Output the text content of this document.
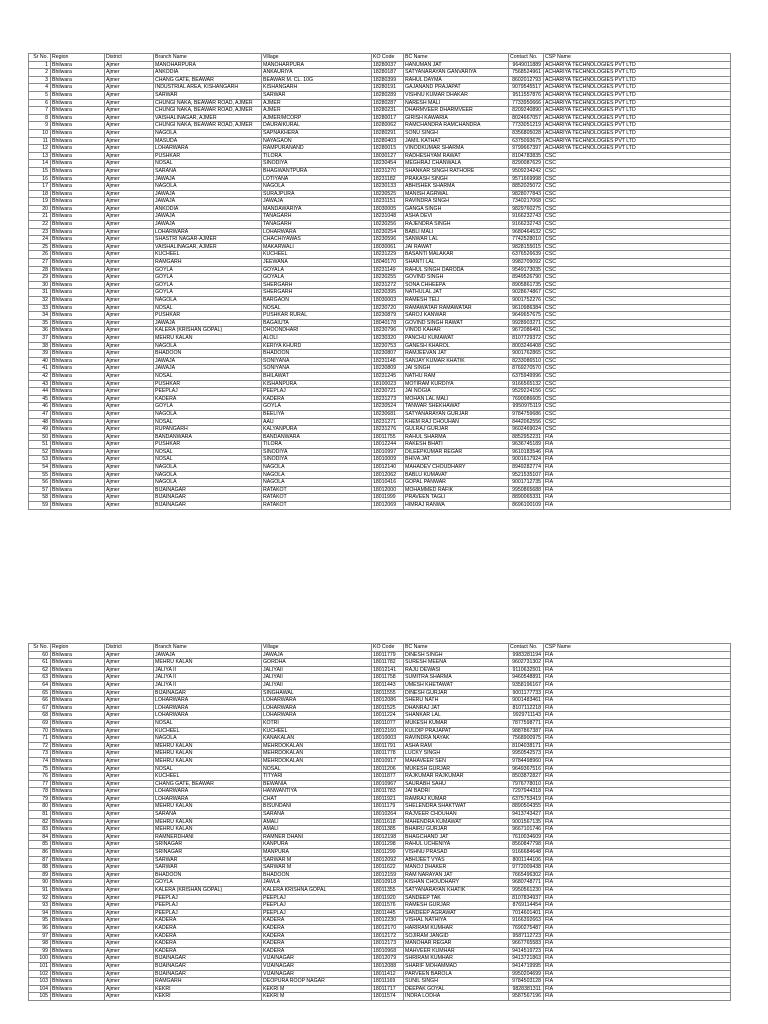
Sr No.	Region	District	Branch Name	Village	KO Code	BC Name	Contact No.	CSP Name
1	Bhilwara	Ajmer	MANOHARPURA	MANOHARPURA	18280037	HANUMAN JAT	9649011889	ACHARIYA TECHNOLOGIES PVT LTD
2	Bhilwara	Ajmer	ANKODIA	ANKAURIYA	18280187	SATYANARAYAN GANVARIYA	7568524961	ACHARIYA TECHNOLOGIES PVT LTD
3	Bhilwara	Ajmer	CHANG GATE, BEAWAR	BEAWAR M. CL. 10G	18280399	RAHUL DAYMA	8602012793	ACHARIYA TECHNOLOGIES PVT LTD
4	Bhilwara	Ajmer	INDUSTRIAL AREA, KISHANGARH	KISHANGARH	18280191	GAJANAND PRAJAPAT	9079545517	ACHARIYA TECHNOLOGIES PVT LTD
5	Bhilwara	Ajmer	SARWAR	SARWAR	18280289	VISHNU KUMAR DHAKAR	9511557876	ACHARIYA TECHNOLOGIES PVT LTD
6	Bhilwara	Ajmer	CHUNGI NAKA, BEAWAR ROAD, AJMER	AJMER	18280287	NARESH MALI	7733950666	ACHARIYA TECHNOLOGIES PVT LTD
7	Bhilwara	Ajmer	CHUNGI NAKA, BEAWAR ROAD, AJMER	AJMER	18280231	DHARMVEER DHARMVEER	8209240890	ACHARIYA TECHNOLOGIES PVT LTD
8	Bhilwara	Ajmer	VAISHALINAGAR, AJMER	AJMER/MCORP	18280017	GIRISH KAWARIA	8024667057	ACHARIYA TECHNOLOGIES PVT LTD
9	Bhilwara	Ajmer	CHUNGI NAKA, BEAWAR ROAD, AJMER	DAURAIKURAL	18280062	RAMCHANDRA RAMCHANDRA	7733051219	ACHARIYA TECHNOLOGIES PVT LTD
10	Bhilwara	Ajmer	NAGOLA	SAPNAKHERA	18280291	SONU SINGH	8356805028	ACHARIYA TECHNOLOGIES PVT LTD
11	Bhilwara	Ajmer	MASUDA	NAYAGAON	18280403	JAMIL KATHAT	6375093675	ACHARIYA TECHNOLOGIES PVT LTD
12	Bhilwara	Ajmer	LOHARWARA	RAMPURANAND	18280015	VINODKUMAR SHARMA	9799667397	ACHARIYA TECHNOLOGIES PVT LTD
13	Bhilwara	Ajmer	PUSHKAR	TILORA	18030127	RADHESHYAM RAWAT	8104783835	CSC
14	Bhilwara	Ajmer	NOSAL	SINODIYA	18230454	MEGHRAJ CHANWALA	8290087629	CSC
15	Bhilwara	Ajmer	SARANA	BHAGWANTPURA	18231270	SHANKAR SINGH RATHORE	9509234242	CSC
16	Bhilwara	Ajmer	JAWAJA	LOTIYANA	18231182	PRAKASH SINGH	9571669998	CSC
17	Bhilwara	Ajmer	NAGOLA	NAGOLA	18230133	ABHISHEK SHARMA	8852025072	CSC
18	Bhilwara	Ajmer	JAWAJA	SURAJPURA	18230525	MANISH AGRWAL	9828077843	CSC
19	Bhilwara	Ajmer	JAWAJA	JAWAJA	18231151	RAVINDRA SINGH	7340217068	CSC
20	Bhilwara	Ajmer	ANKODIA	MANDAWARIYA	18030005	GANGA SINGH	9829760275	CSC
21	Bhilwara	Ajmer	JAWAJA	TANAGARH	18231048	ASHA DEVI	9166232743	CSC
22	Bhilwara	Ajmer	JAWAJA	TANAGARH	18230256	RAJENDRA SINGH	9166232743	CSC
23	Bhilwara	Ajmer	LOHARWARA	LOHARWARA	18230254	BABLI MALI	9680464532	CSC
24	Bhilwara	Ajmer	SHASTRI NAGAR-AJMER	CHACHIYAWAS	18230596	SANWAR LAL	7742528010	CSC
25	Bhilwara	Ajmer	VAISHALINAGAR, AJMER	MAKARWALI	18030061	JAI RAWAT	9828155015	CSC
26	Bhilwara	Ajmer	KUCHEEL	KUCHEEL	18231229	BASANTI MALAKAR	6376526639	CSC
27	Bhilwara	Ajmer	RAMGARH	JEEWANA	18040170	SHANTI LAL	9982709092	CSC
28	Bhilwara	Ajmer	GOYLA	GOYALA	18231149	RAHUL SINGH DARODA	9549173035	CSC
29	Bhilwara	Ajmer	GOYLA	GOYALA	18230255	GOVIND SINGH	8949526790	CSC
30	Bhilwara	Ajmer	GOYLA	SHERGARH	18231272	SONA CHHEEPA	8905861735	CSC
31	Bhilwara	Ajmer	GOYLA	SHERGARH	18230395	NATHULAL JAT	9028674867	CSC
32	Bhilwara	Ajmer	NAGOLA	BARGAON	18030003	RAMESH TELI	9001752276	CSC
33	Bhilwara	Ajmer	NOSAL	NOSAL	18230720	RAMAWATAR RAMAWATAR	9610986384	CSC
34	Bhilwara	Ajmer	PUSHKAR	PUSHKAR RURAL	18230879	SAROJ KANWAR	9649657675	CSC
35	Bhilwara	Ajmer	JAWAJA	BAGAIUTA	18040178	GOVIND SINGH RAWAT	9928903271	CSC
36	Bhilwara	Ajmer	KALERA (KRISHAN GOPAL)	DHOONDHARI	18230796	VINOD KAHAR	9672086491	CSC
37	Bhilwara	Ajmer	MEHRU KALAN	ALOLI	18230320	PANCHU KUMAWAT	8107729372	CSC
38	Bhilwara	Ajmer	NAGOLA	KERIYA KHURD	18230753	GANESH KHAROL	8003246408	CSC
39	Bhilwara	Ajmer	BHADOON	BHADOON	18230807	RAMJEEVAN JAT	9001762865	CSC
40	Bhilwara	Ajmer	JAWAJA	SONIYANA	18231148	SANJAY KUMAR KHATIK	8233086510	CSC
41	Bhilwara	Ajmer	JAWAJA	SONIYANA	18230809	JAI SINGH	8769270570	CSC
42	Bhilwara	Ajmer	NOSAL	BHILAWAT	18231245	NATHU RAM	6375949996	CSC
43	Bhilwara	Ajmer	PUSHKAR	KISHANPURA	18100023	MOTIRAM KURDIYA	9166565132	CSC
44	Bhilwara	Ajmer	PEEPLAJ	PEEPLAJ	18230721	JAI NOGIA	9529224156	CSC
45	Bhilwara	Ajmer	KADERA	KADERA	18231273	MOHAN LAL MALI	7690086605	CSC
46	Bhilwara	Ajmer	GOYLA	GOYLA	18230524	TANWAR SHEKHAWAT	9950975119	CSC
47	Bhilwara	Ajmer	NAGOLA	BEELIYA	18230681	SATYANARAYAN GURJAR	9784759686	CSC
48	Bhilwara	Ajmer	NOSAL	AAU	18231271	KHEM RAJ CHOUHAN	8442062556	CSC
49	Bhilwara	Ajmer	RUPANGARH	KALYANPURA	18231276	GULRAJ GURJAR	9602469024	CSC
50	Bhilwara	Ajmer	BANDANWARA	BANDANWARA	18011755	RAHUL SHARMA	8852952231	FIA
51	Bhilwara	Ajmer	PUSHKAR	TILORA	18012244	RAKESH BHATI	9636745189	FIA
52	Bhilwara	Ajmer	NOSAL	SINODIYA	18010997	DILEEPKUMAR REGAR	9610183546	FIA
53	Bhilwara	Ajmer	NOSAL	SINODIYA	18010009	BHIVA JAT	9001617924	FIA
54	Bhilwara	Ajmer	NAGOLA	NAGOLA	18012140	MAHADEV CHOUDHARY	8949282774	FIA
55	Bhilwara	Ajmer	NAGOLA	NAGOLA	18012062	BABLU KUMAVAT	9521535107	FIA
56	Bhilwara	Ajmer	NAGOLA	NAGOLA	18010416	GOPAL PANWAR	9001712735	FIA
57	Bhilwara	Ajmer	BIJAINAGAR	RATAKOT	18012000	MOHAMMED RAFIK	9950865688	FIA
58	Bhilwara	Ajmer	BIJAINAGAR	RATAKOT	18011999	PRAVEEN TAGLI	8890065331	FIA
59	Bhilwara	Ajmer	BIJAINAGAR	RATAKOT	18012069	HIMRAJ RANWA	8696100109	FIA
Sr No.	Region	District	Branch Name	Village	KO Code	BC Name	Contact No.	CSP Name
60	Bhilwara	Ajmer	JAWAJA	JAWAJA	18011779	DINESH SINGH	9983281194	FIA
61	Bhilwara	Ajmer	MEHRU KALAN	GORDHA	18011782	SURESH MEENA	9602731302	FIA
62	Bhilwara	Ajmer	JALIYA II	JALIYAII	18012141	RAJU DEWASI	9110632501	FIA
63	Bhilwara	Ajmer	JALIYA II	JALIYAII	18011758	SUMITRA SHARMA	9460548891	FIA
64	Bhilwara	Ajmer	JALIYA II	JALIYAII	18011443	UMESH KHETAWAT	9358196167	FIA
65	Bhilwara	Ajmer	BIJAINAGAR	SINGHAWAL	18011555	DINESH GURJAR	9001177733	FIA
66	Bhilwara	Ajmer	LOHARWARA	LOHARWARA	18012086	SHERU NATH	9001483461	FIA
67	Bhilwara	Ajmer	LOHARWARA	LOHARWARA	18011525	DHANRAJ JAT	8107112218	FIA
68	Bhilwara	Ajmer	LOHARWARA	LOHARWARA	18011224	SHANKAR LAL	9929711143	FIA
69	Bhilwara	Ajmer	NOSAL	KOTRI	18011077	MUKESH KUMAR	7877598771	FIA
70	Bhilwara	Ajmer	KUCHEEL	KUCHEEL	18012160	KULDIP PRAJAPAT	9887867387	FIA
71	Bhilwara	Ajmer	NAGOLA	KANAKALAN	18010003	RAVINDRA NAYAK	7568900975	FIA
72	Bhilwara	Ajmer	MEHRU KALAN	MEHRDOKALAN	18011791	ASHA RAM	8104038171	FIA
73	Bhilwara	Ajmer	MEHRU KALAN	MEHRDOKALAN	18011778	LUCKY SINGH	9950542573	FIA
74	Bhilwara	Ajmer	MEHRU KALAN	MEHRDOKALAN	18010917	MAHAVEER SEN	9784498960	FIA
75	Bhilwara	Ajmer	NOSAL	NOSAL	18011206	MUKESH GURJAR	9649367516	FIA
76	Bhilwara	Ajmer	KUCHEEL	TITYARI	18011877	RAJKUMAR RAJKUMAR	8503872827	FIA
77	Bhilwara	Ajmer	CHANG GATE, BEAWAR	BEWANIA	18010967	SAURABH SAHU	7976778010	FIA
78	Bhilwara	Ajmer	LOHARWARA	HANWANTIYA	18011783	JAI BADRI	7297944318	FIA
79	Bhilwara	Ajmer	LOHARWARA	CHAT	18011921	RAMRAJ KUMAR	6375753419	FIA
80	Bhilwara	Ajmer	MEHRU KALAN	BISUNDANI	18011179	SHELENDRA SHAKTWAT	8890504355	FIA
81	Bhilwara	Ajmer	SARANA	SARANA	18010264	RAJVEER CHOUHAN	9413743427	FIA
82	Bhilwara	Ajmer	MEHRU KALAN	AMALI	18011618	MAHENDRA KUMAWAT	9001567135	FIA
83	Bhilwara	Ajmer	MEHRU KALAN	AMALI	18011385	BHAIRU GURJAR	9667101746	FIA
84	Bhilwara	Ajmer	RAMNERDHANI	RAMNER DHANI	18012198	BHAGCHAND JAT	7610034609	FIA
85	Bhilwara	Ajmer	SRINAGAR	KANPURA	18011298	RAHUL UCHENIYA	8560847798	FIA
86	Bhilwara	Ajmer	SRINAGAR	MANPURA	18011299	VISHNU PRASAD	9166684648	FIA
87	Bhilwara	Ajmer	SARWAR	SARWAR M	18012092	ABHIJEET VYAS	8001144106	FIA
88	Bhilwara	Ajmer	SARWAR	SARWAR M	18011622	MANOJ DHAKER	9772009438	FIA
89	Bhilwara	Ajmer	BHADOON	BHADOON	18012159	RAM NARAYAN JAT	7665496302	FIA
90	Bhilwara	Ajmer	GOYLA	JAWLA	18010918	KISHAN CHOUDHARY	9680748771	FIA
91	Bhilwara	Ajmer	KALERA (KRISHAN GOPAL)	KALERA KRISHNA GOPAL	18011355	SATYANARAYAN KHATIK	9950561230	FIA
92	Bhilwara	Ajmer	PEEPLAJ	PEEPLAJ	18011920	SANDEEP TAK	8107834937	FIA
93	Bhilwara	Ajmer	PEEPLAJ	PEEPLAJ	18011576	RAMESH GURJAR	8769114454	FIA
94	Bhilwara	Ajmer	PEEPLAJ	PEEPLAJ	18011445	SANDEEP AGRAWAT	7014601401	FIA
95	Bhilwara	Ajmer	KADERA	KADERA	18012230	VISHAL NATHIYA	9166392663	FIA
96	Bhilwara	Ajmer	KADERA	KADERA	18012170	HARIRAM KUMHAR	7690275487	FIA
97	Bhilwara	Ajmer	KADERA	KADERA	18012172	SOJIRAM JANGID	9587112723	FIA
98	Bhilwara	Ajmer	KADERA	KADERA	18012173	MANOHAR REGAR	9667765583	FIA
99	Bhilwara	Ajmer	KADERA	KADERA	18010968	MAHVEER KUMHAR	9414519723	FIA
100	Bhilwara	Ajmer	BIJAINAGAR	VIJAINAGAR	18012079	SHRIRAM KUMHAR	9413721863	FIA
101	Bhilwara	Ajmer	BIJAINAGAR	VIJAINAGAR	18012088	SHARIF MOHAMMAD	9414719995	FIA
102	Bhilwara	Ajmer	BIJAINAGAR	VIJAINAGAR	18011412	PARVEEN BAROLA	9950204699	FIA
103	Bhilwara	Ajmer	RAMGARH	DEOPURA ROOP NAGAR	18011169	SUNIL SINGH	9784503128	FIA
104	Bhilwara	Ajmer	KEKRI	KEKRI M	18011717	DEEPAK GOYAL	9828381311	FIA
105	Bhilwara	Ajmer	KEKRI	KEKRI M	18011574	INDRA LODHA	9587567196	FIA
